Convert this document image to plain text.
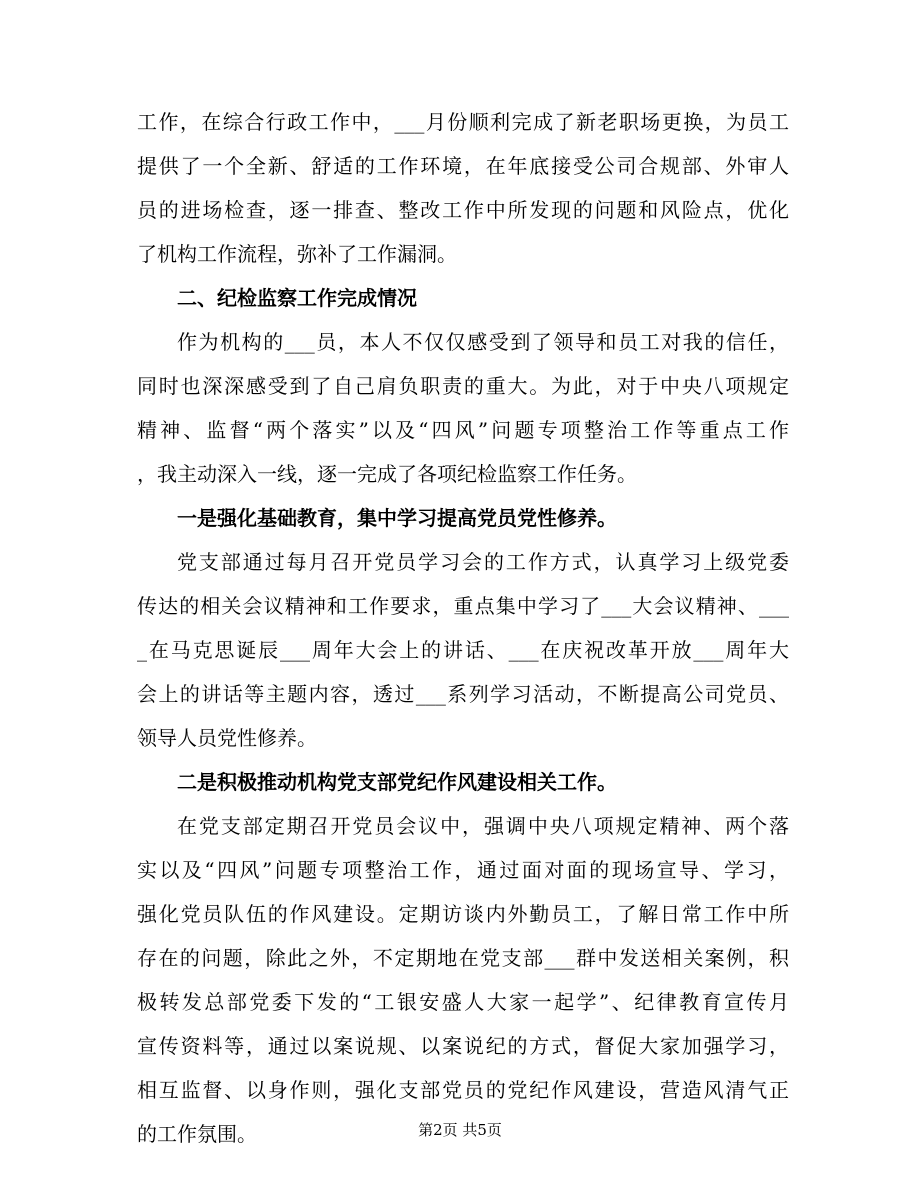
工作，在综合行政工作中，___月份顺利完成了新老职场更换，为员工
提供了一个全新、舒适的工作环境，在年底接受公司合规部、外审人
员的进场检查，逐一排查、整改工作中所发现的问题和风险点，优化
了机构工作流程，弥补了工作漏洞。
二、纪检监察工作完成情况
作为机构的___员，本人不仅仅感受到了领导和员工对我的信任，
同时也深深感受到了自己肩负职责的重大。为此，对于中央八项规定
精神、监督“两个落实”以及“四风”问题专项整治工作等重点工作
，我主动深入一线，逐一完成了各项纪检监察工作任务。
一是强化基础教育，集中学习提高党员党性修养。
党支部通过每月召开党员学习会的工作方式，认真学习上级党委
传达的相关会议精神和工作要求，重点集中学习了___大会议精神、___
_在马克思诞辰___周年大会上的讲话、___在庆祝改革开放___周年大
会上的讲话等主题内容，透过___系列学习活动，不断提高公司党员、
领导人员党性修养。
二是积极推动机构党支部党纪作风建设相关工作。
在党支部定期召开党员会议中，强调中央八项规定精神、两个落
实以及“四风”问题专项整治工作，通过面对面的现场宣导、学习，
强化党员队伍的作风建设。定期访谈内外勤员工，了解日常工作中所
存在的问题，除此之外，不定期地在党支部___群中发送相关案例，积
极转发总部党委下发的“工银安盛人大家一起学”、纪律教育宣传月
宣传资料等，通过以案说规、以案说纪的方式，督促大家加强学习，
相互监督、以身作则，强化支部党员的党纪作风建设，营造风清气正
的工作氛围。	第2页 共5页
